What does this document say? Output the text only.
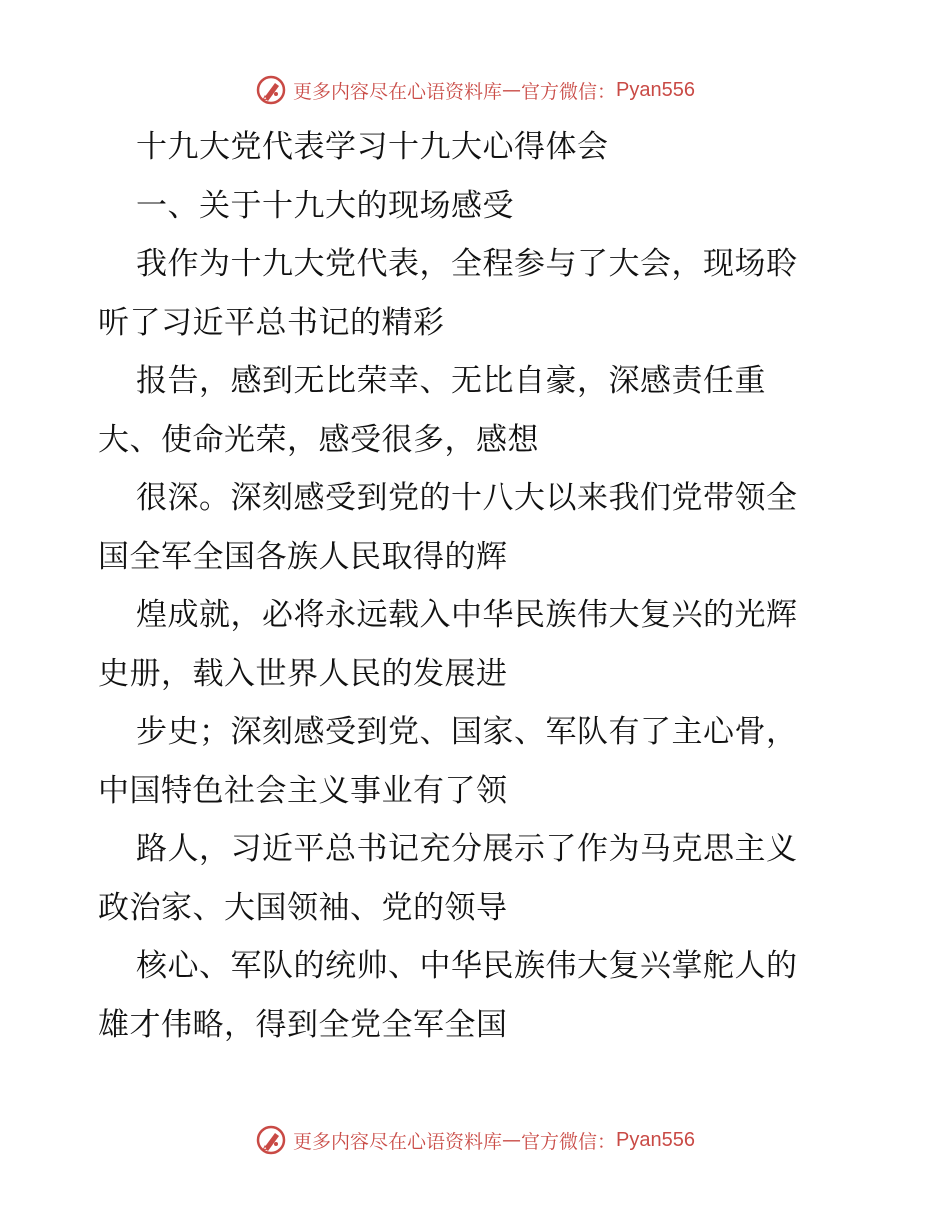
更多内容尽在心语资料库 — 官方微信： Pyan556
十九大党代表学习十九大心得体会
一、关于十九大的现场感受
我作为十九大党代表，全程参与了大会，现场聆
听了习近平总书记的精彩
报告，感到无比荣幸、无比自豪，深感责任重
大、使命光荣，感受很多，感想
很深。深刻感受到党的十八大以来我们党带领全
国全军全国各族人民取得的辉
煌成就，必将永远载入中华民族伟大复兴的光辉
史册，载入世界人民的发展进
步史；深刻感受到党、国家、军队有了主心骨，
中国特色社会主义事业有了领
路人，习近平总书记充分展示了作为马克思主义
政治家、大国领袖、党的领导
核心、军队的统帅、中华民族伟大复兴掌舵人的
雄才伟略，得到全党全军全国
更多内容尽在心语资料库 — 官方微信： Pyan556
